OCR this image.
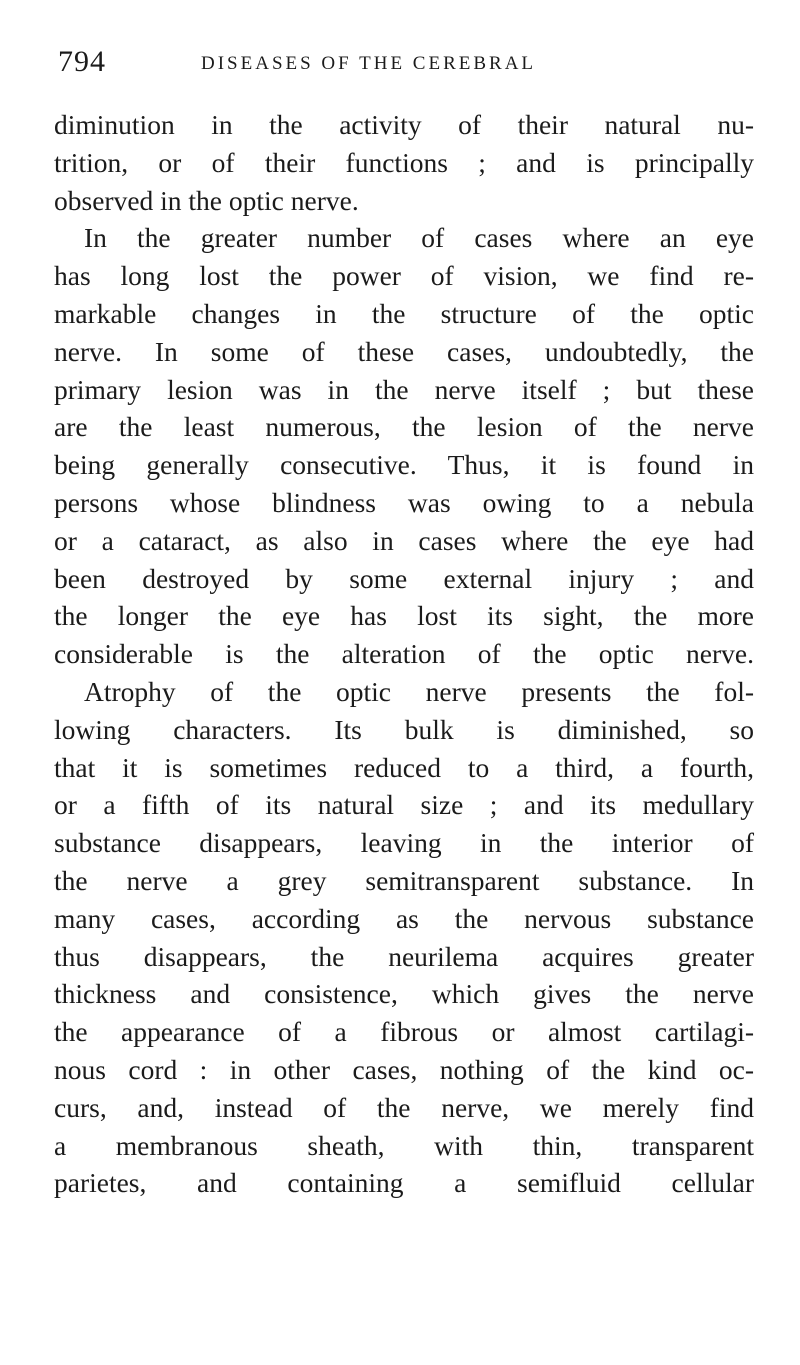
794	DISEASES OF THE CEREBRAL
diminution in the activity of their natural nu-
trition, or of their functions ; and is principally
observed in the optic nerve.
In the greater number of cases where an eye
has long lost the power of vision, we find re-
markable changes in the structure of the optic
nerve. In some of these cases, undoubtedly, the
primary lesion was in the nerve itself ; but these
are the least numerous, the lesion of the nerve
being generally consecutive. Thus, it is found in
persons whose blindness was owing to a nebula
or a cataract, as also in cases where the eye had
been destroyed by some external injury ; and
the longer the eye has lost its sight, the more
considerable is the alteration of the optic nerve.
Atrophy of the optic nerve presents the fol-
lowing characters. Its bulk is diminished, so
that it is sometimes reduced to a third, a fourth,
or a fifth of its natural size ; and its medullary
substance disappears, leaving in the interior of
the nerve a grey semitransparent substance. In
many cases, according as the nervous substance
thus disappears, the neurilema acquires greater
thickness and consistence, which gives the nerve
the appearance of a fibrous or almost cartilagi-
nous cord : in other cases, nothing of the kind oc-
curs, and, instead of the nerve, we merely find
a membranous sheath, with thin, transparent
parietes, and containing a semifluid cellular
